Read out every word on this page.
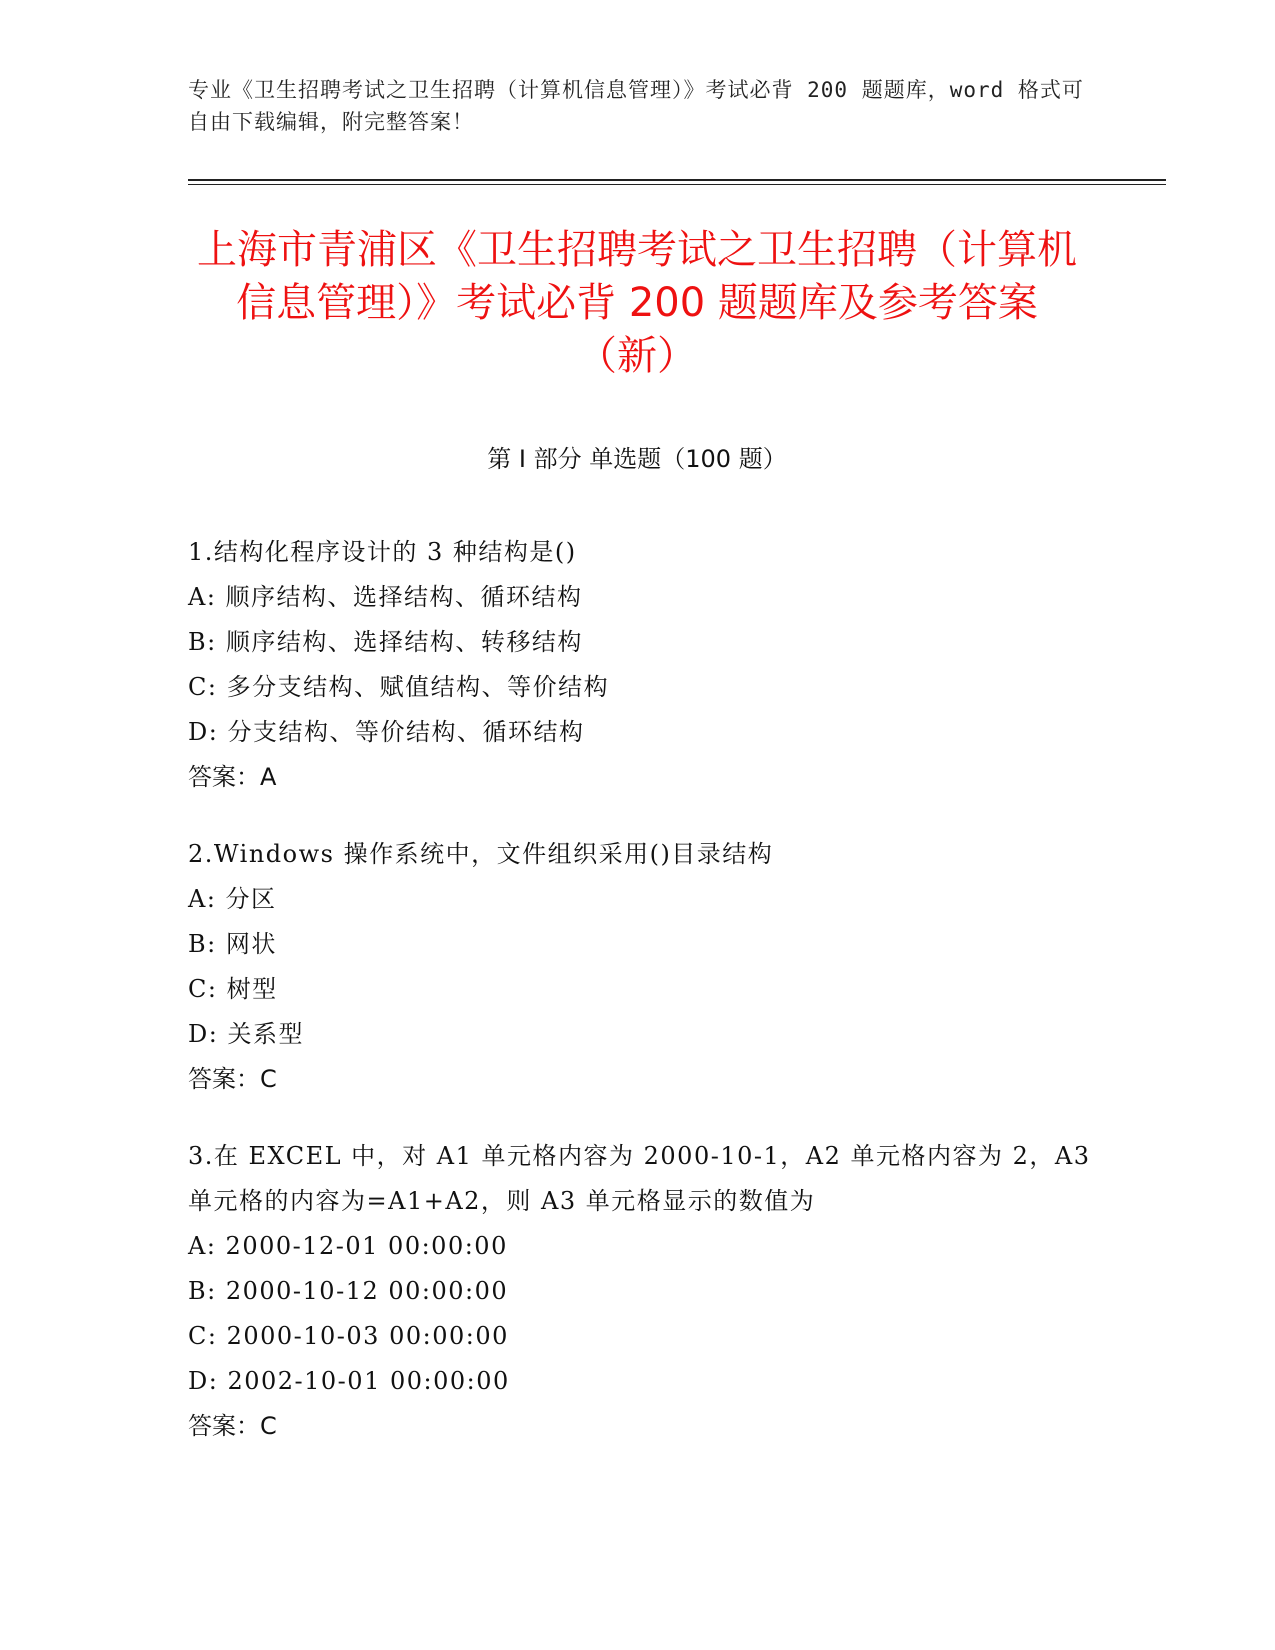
专业《卫生招聘考试之卫生招聘（计算机信息管理）》考试必背 200 题题库，word 格式可自由下载编辑，附完整答案！
上海市青浦区《卫生招聘考试之卫生招聘（计算机信息管理）》考试必背 200 题题库及参考答案（新）
第 I 部分 单选题（100 题）
1.结构化程序设计的 3 种结构是()
A: 顺序结构、选择结构、循环结构
B: 顺序结构、选择结构、转移结构
C: 多分支结构、赋值结构、等价结构
D: 分支结构、等价结构、循环结构
答案：A
2.Windows 操作系统中，文件组织采用()目录结构
A: 分区
B: 网状
C: 树型
D: 关系型
答案：C
3.在 EXCEL 中，对 A1 单元格内容为 2000-10-1，A2 单元格内容为 2，A3 单元格的内容为=A1+A2，则 A3 单元格显示的数值为
A: 2000-12-01 00:00:00
B: 2000-10-12 00:00:00
C: 2000-10-03 00:00:00
D: 2002-10-01 00:00:00
答案：C
